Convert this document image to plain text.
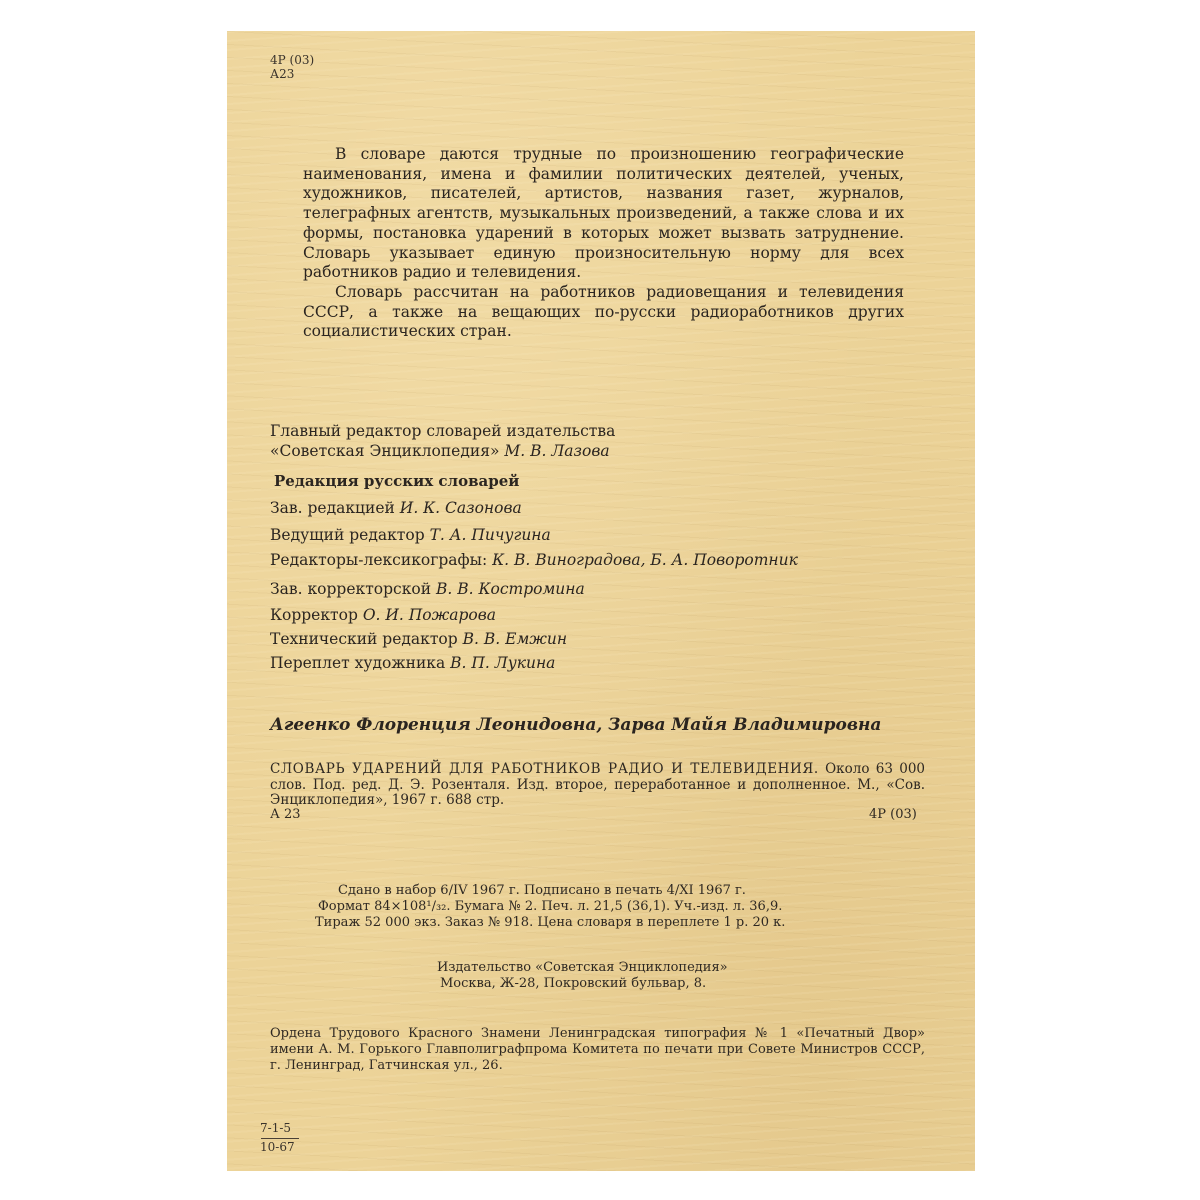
4Р (03)
А23

В словаре даются трудные по произношению географические наименования, имена и фамилии политических деятелей, ученых, художников, писателей, артистов, названия газет, журналов, телеграфных агентств, музыкальных произведений, а также слова и их формы, постановка ударений в которых может вызвать затруднение. Словарь указывает единую произносительную норму для всех работников радио и телевидения.

Словарь рассчитан на работников радиовещания и телевидения СССР, а также на вещающих по-русски радиоработников других социалистических стран.

Главный редактор словарей издательства
«Советская Энциклопедия» М. В. Лазова
Редакция русских словарей
Зав. редакцией И. К. Сазонова
Ведущий редактор Т. А. Пичугина
Редакторы-лексикографы: К. В. Виноградова, Б. А. Поворотник
Зав. корректорской В. В. Костромина
Корректор О. И. Пожарова
Технический редактор В. В. Емжин
Переплет художника В. П. Лукина
Агеенко Флоренция Леонидовна, Зарва Майя Владимировна
СЛОВАРЬ УДАРЕНИЙ ДЛЯ РАБОТНИКОВ РАДИО И ТЕЛЕВИДЕНИЯ. Около 63 000 слов. Под. ред. Д. Э. Розенталя. Изд. второе, переработанное и дополненное. М., «Сов. Энциклопедия», 1967 г. 688 стр.
А 23	4Р (03)
Сдано в набор 6/IV 1967 г. Подписано в печать 4/XI 1967 г.
Формат 84×108¹/₃₂. Бумага № 2. Печ. л. 21,5 (36,1). Уч.-изд. л. 36,9.
Тираж 52 000 экз. Заказ № 918. Цена словаря в переплете 1 р. 20 к.
Издательство «Советская Энциклопедия»
Москва, Ж-28, Покровский бульвар, 8.
Ордена Трудового Красного Знамени Ленинградская типография № 1 «Печатный Двор» имени А. М. Горького Главполиграфпрома Комитета по печати при Совете Министров СССР, г. Ленинград, Гатчинская ул., 26.
7-1-5
10-67
